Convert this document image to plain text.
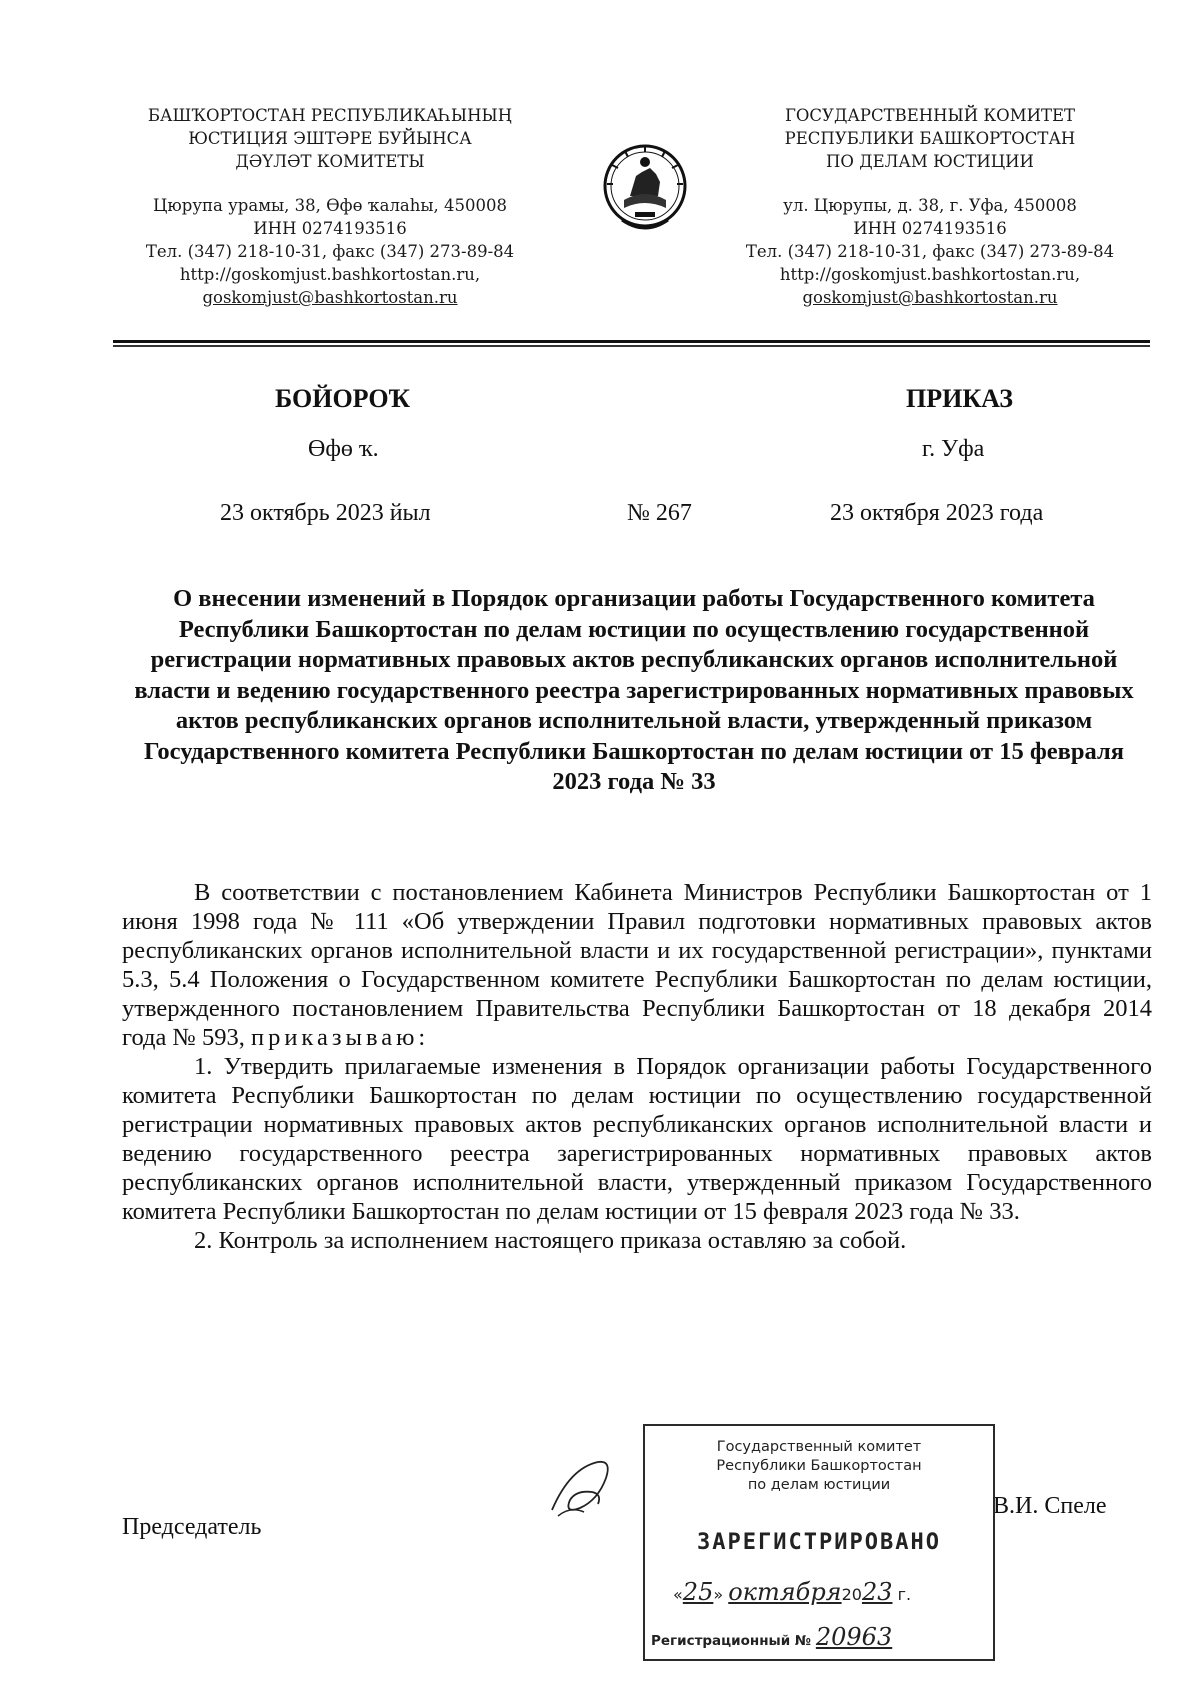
БАШҠОРТОСТАН РЕСПУБЛИКАҺЫНЫҢ
ЮСТИЦИЯ ЭШТӘРЕ БУЙЫНСА
ДӘҮЛӘТ КОМИТЕТЫ
Цюрупа урамы, 38, Өфө ҡалаһы, 450008
ИНН 0274193516
Тел. (347) 218-10-31, факс (347) 273-89-84
http://goskomjust.bashkortostan.ru,
goskomjust@bashkortostan.ru
ГОСУДАРСТВЕННЫЙ КОМИТЕТ
РЕСПУБЛИКИ БАШКОРТОСТАН
ПО ДЕЛАМ ЮСТИЦИИ
ул. Цюрупы, д. 38, г. Уфа, 450008
ИНН 0274193516
Тел. (347) 218-10-31, факс (347) 273-89-84
http://goskomjust.bashkortostan.ru,
goskomjust@bashkortostan.ru
БОЙОРОҠ	ПРИКАЗ
Өфө ҡ.	г. Уфа
23 октябрь 2023 йыл	№ 267	23 октября 2023 года
О внесении изменений в Порядок организации работы Государственного комитета Республики Башкортостан по делам юстиции по осуществлению государственной регистрации нормативных правовых актов республиканских органов исполнительной власти и ведению государственного реестра зарегистрированных нормативных правовых актов республиканских органов исполнительной власти, утвержденный приказом Государственного комитета Республики Башкортостан по делам юстиции от 15 февраля 2023 года № 33

В соответствии с постановлением Кабинета Министров Республики Башкортостан от 1 июня 1998 года № 111 «Об утверждении Правил подготовки нормативных правовых актов республиканских органов исполнительной власти и их государственной регистрации», пунктами 5.3, 5.4 Положения о Государственном комитете Республики Башкортостан по делам юстиции, утвержденного постановлением Правительства Республики Башкортостан от 18 декабря 2014 года № 593, приказываю:

1. Утвердить прилагаемые изменения в Порядок организации работы Государственного комитета Республики Башкортостан по делам юстиции по осуществлению государственной регистрации нормативных правовых актов республиканских органов исполнительной власти и ведению государственного реестра зарегистрированных нормативных правовых актов республиканских органов исполнительной власти, утвержденный приказом Государственного комитета Республики Башкортостан по делам юстиции от 15 февраля 2023 года № 33.

2. Контроль за исполнением настоящего приказа оставляю за собой.

Председатель
В.И. Спеле
Государственный комитет
Республики Башкортостан
по делам юстиции
ЗАРЕГИСТРИРОВАНО
«25» октября2023 г.
Регистрационный № 20963
